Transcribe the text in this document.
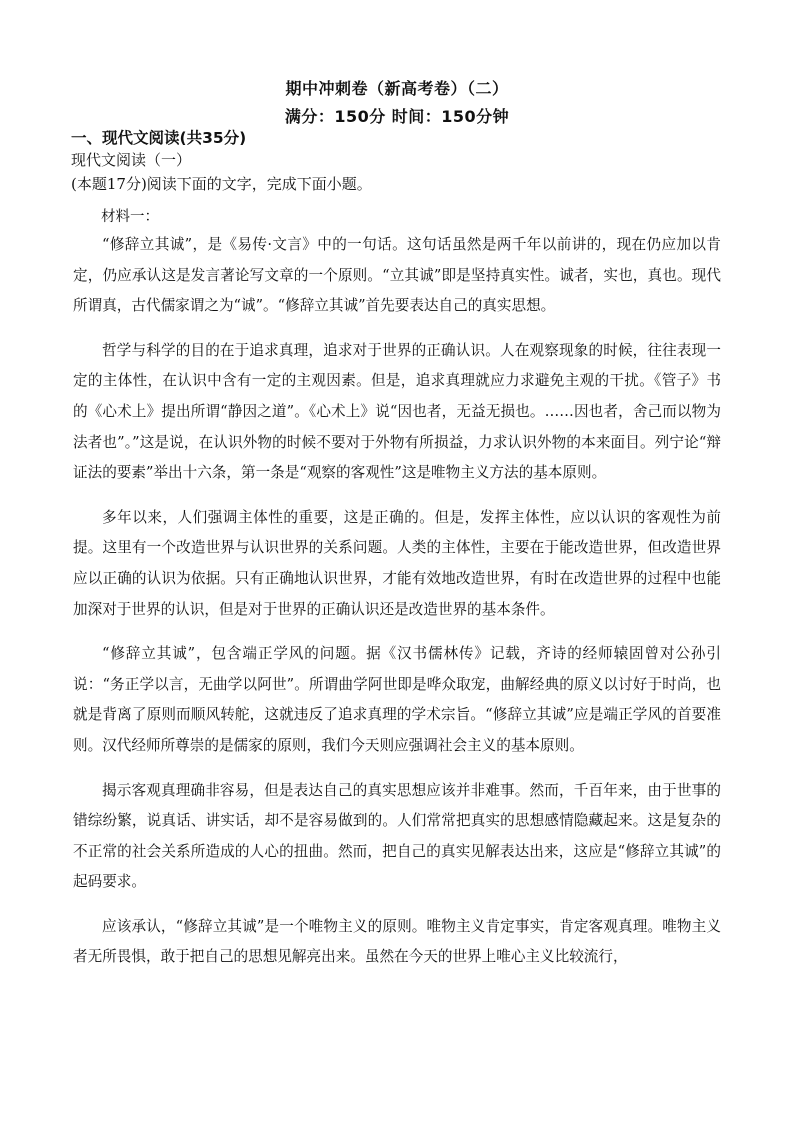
期中冲刺卷（新高考卷）（二）
满分：150分 时间：150分钟
一、现代文阅读(共35分)
现代文阅读（一）
(本题17分)阅读下面的文字，完成下面小题。
材料一：

“修辞立其诚”，是《易传·文言》中的一句话。这句话虽然是两千年以前讲的，现在仍应加以肯定，仍应承认这是发言著论写文章的一个原则。“立其诚”即是坚持真实性。诚者，实也，真也。现代所谓真，古代儒家谓之为“诚”。“修辞立其诚”首先要表达自己的真实思想。

哲学与科学的目的在于追求真理，追求对于世界的正确认识。人在观察现象的时候，往往表现一定的主体性，在认识中含有一定的主观因素。但是，追求真理就应力求避免主观的干扰。《管子》书的《心术上》提出所谓“静因之道”。《心术上》说“因也者，无益无损也。……因也者，舍己而以物为法者也”。”这是说，在认识外物的时候不要对于外物有所损益，力求认识外物的本来面目。列宁论“辩证法的要素”举出十六条，第一条是“观察的客观性”这是唯物主义方法的基本原则。

多年以来，人们强调主体性的重要，这是正确的。但是，发挥主体性，应以认识的客观性为前提。这里有一个改造世界与认识世界的关系问题。人类的主体性，主要在于能改造世界，但改造世界应以正确的认识为依据。只有正确地认识世界，才能有效地改造世界，有时在改造世界的过程中也能加深对于世界的认识，但是对于世界的正确认识还是改造世界的基本条件。

“修辞立其诚”，包含端正学风的问题。据《汉书儒林传》记载，齐诗的经师辕固曾对公孙引说：“务正学以言，无曲学以阿世”。所谓曲学阿世即是哗众取宠，曲解经典的原义以讨好于时尚，也就是背离了原则而顺风转舵，这就违反了追求真理的学术宗旨。“修辞立其诚”应是端正学风的首要准则。汉代经师所尊崇的是儒家的原则，我们今天则应强调社会主义的基本原则。

揭示客观真理确非容易，但是表达自己的真实思想应该并非难事。然而，千百年来，由于世事的错综纷繁，说真话、讲实话，却不是容易做到的。人们常常把真实的思想感情隐藏起来。这是复杂的不正常的社会关系所造成的人心的扭曲。然而，把自己的真实见解表达出来，这应是“修辞立其诚”的起码要求。

应该承认，“修辞立其诚”是一个唯物主义的原则。唯物主义肯定事实，肯定客观真理。唯物主义者无所畏惧，敢于把自己的思想见解亮出来。虽然在今天的世界上唯心主义比较流行，
